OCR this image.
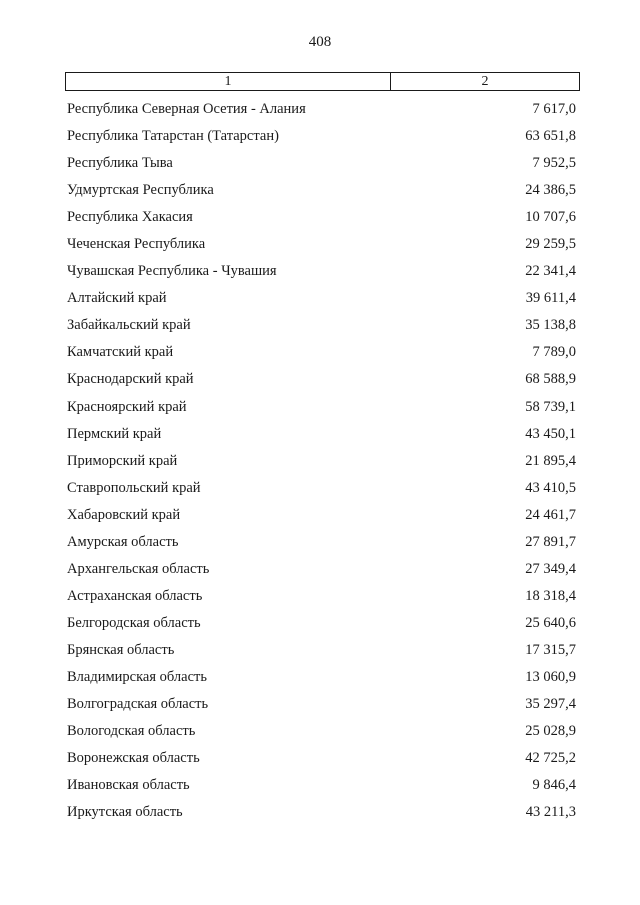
408
1	2
Республика Северная Осетия - Алания	7 617,0
Республика Татарстан (Татарстан)	63 651,8
Республика Тыва	7 952,5
Удмуртская Республика	24 386,5
Республика Хакасия	10 707,6
Чеченская Республика	29 259,5
Чувашская Республика - Чувашия	22 341,4
Алтайский край	39 611,4
Забайкальский край	35 138,8
Камчатский край	7 789,0
Краснодарский край	68 588,9
Красноярский край	58 739,1
Пермский край	43 450,1
Приморский край	21 895,4
Ставропольский край	43 410,5
Хабаровский край	24 461,7
Амурская область	27 891,7
Архангельская область	27 349,4
Астраханская область	18 318,4
Белгородская область	25 640,6
Брянская область	17 315,7
Владимирская область	13 060,9
Волгоградская область	35 297,4
Вологодская область	25 028,9
Воронежская область	42 725,2
Ивановская область	9 846,4
Иркутская область	43 211,3
